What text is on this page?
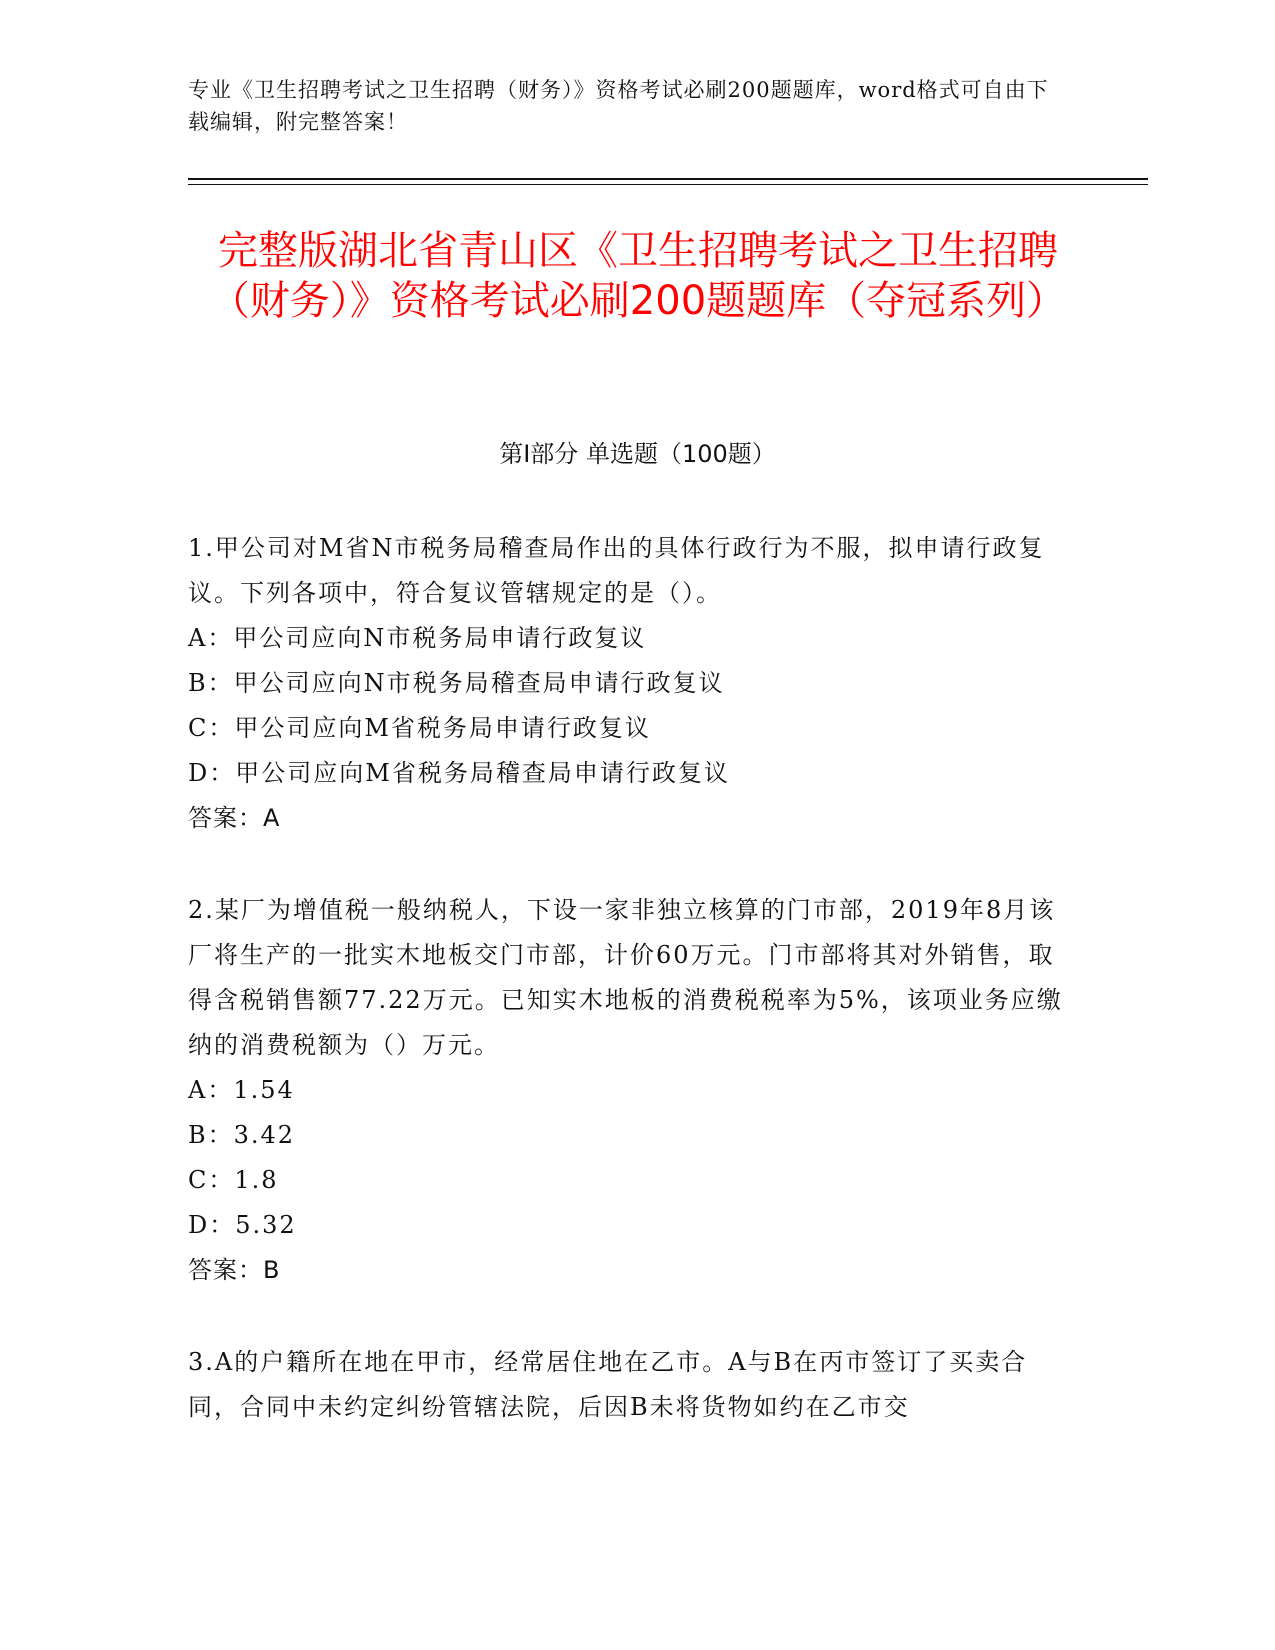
专业《卫生招聘考试之卫生招聘（财务）》资格考试必刷200题题库，word格式可自由下载编辑，附完整答案！
完整版湖北省青山区《卫生招聘考试之卫生招聘（财务）》资格考试必刷200题题库（夺冠系列）
第Ⅰ部分 单选题（100题）

1.甲公司对M省N市税务局稽查局作出的具体行政行为不服，拟申请行政复议。下列各项中，符合复议管辖规定的是（）。

A：甲公司应向N市税务局申请行政复议

B：甲公司应向N市税务局稽查局申请行政复议

C：甲公司应向M省税务局申请行政复议

D：甲公司应向M省税务局稽查局申请行政复议

答案：A

2.某厂为增值税一般纳税人，下设一家非独立核算的门市部，2019年8月该厂将生产的一批实木地板交门市部，计价60万元。门市部将其对外销售，取得含税销售额77.22万元。已知实木地板的消费税税率为5%，该项业务应缴纳的消费税额为（）万元。

A：1.54

B：3.42

C：1.8

D：5.32

答案：B

3.A的户籍所在地在甲市，经常居住地在乙市。A与B在丙市签订了买卖合同，合同中未约定纠纷管辖法院，后因B未将货物如约在乙市交
